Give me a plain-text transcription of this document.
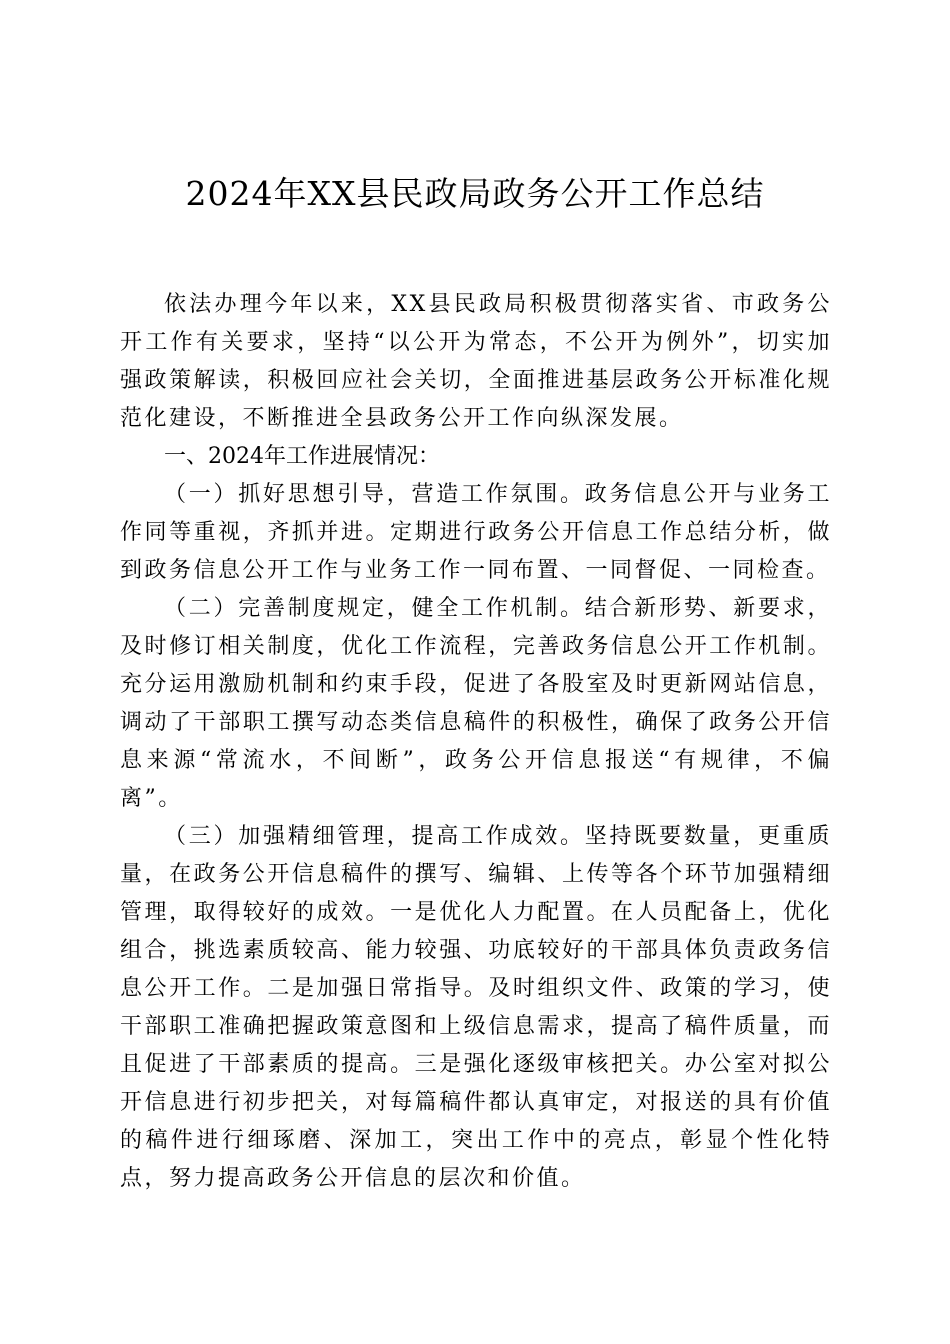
2024年XX县民政局政务公开工作总结

依法办理今年以来，XX县民政局积极贯彻落实省、市政务公开工作有关要求，坚持“以公开为常态，不公开为例外”，切实加强政策解读，积极回应社会关切，全面推进基层政务公开标准化规范化建设，不断推进全县政务公开工作向纵深发展。

一、2024年工作进展情况：

（一）抓好思想引导，营造工作氛围。政务信息公开与业务工作同等重视，齐抓并进。定期进行政务公开信息工作总结分析，做到政务信息公开工作与业务工作一同布置、一同督促、一同检查。

（二）完善制度规定，健全工作机制。结合新形势、新要求，及时修订相关制度，优化工作流程，完善政务信息公开工作机制。充分运用激励机制和约束手段，促进了各股室及时更新网站信息，调动了干部职工撰写动态类信息稿件的积极性，确保了政务公开信息来源“常流水，不间断”，政务公开信息报送“有规律，不偏离”。

（三）加强精细管理，提高工作成效。坚持既要数量，更重质量，在政务公开信息稿件的撰写、编辑、上传等各个环节加强精细管理，取得较好的成效。一是优化人力配置。在人员配备上，优化组合，挑选素质较高、能力较强、功底较好的干部具体负责政务信息公开工作。二是加强日常指导。及时组织文件、政策的学习，使干部职工准确把握政策意图和上级信息需求，提高了稿件质量，而且促进了干部素质的提高。三是强化逐级审核把关。办公室对拟公开信息进行初步把关，对每篇稿件都认真审定，对报送的具有价值的稿件进行细琢磨、深加工，突出工作中的亮点，彰显个性化特点，努力提高政务公开信息的层次和价值。
